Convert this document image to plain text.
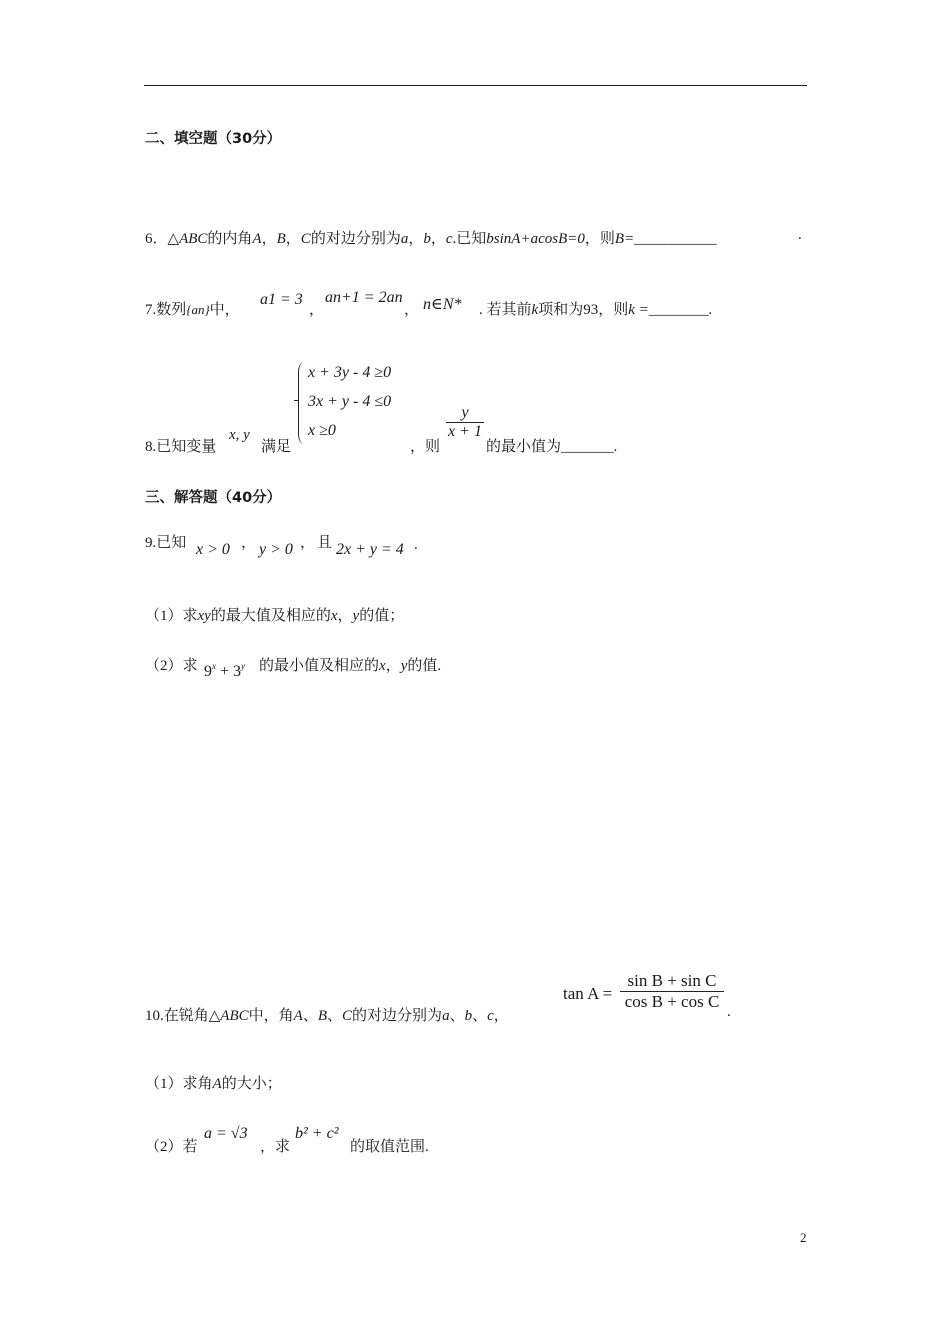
二、填空题（30分）
6．△ABC的内角A，B，C的对边分别为a，b，c.已知bsinA+acosB=0，则B=___________	.
7.数列{an}中，
a1 = 3
，
an+1 = 2an
， n∈N* . 若其前k项和为93，则k =________.
x + 3y - 4 ≥0
3x + y - 4 ≤0
x ≥0
8.已知变量
x, y
满足	，则
y
x + 1
的最小值为_______.
三、解答题（40分）
9.已知 x > 0 ， y > 0 ， 且 2x + y = 4 .
（1）求xy的最大值及相应的x，y的值；
（2）求 $9^x + 3^y$ 的最小值及相应的x，y的值.
10.在锐角△ABC中，角A、B、C的对边分别为a、b、c，
tan A =
sin B + sin C
cos B + cos C
.
（1）求角A的大小；
（2）若
a = √3
，求
b² + c²
的取值范围.
2
